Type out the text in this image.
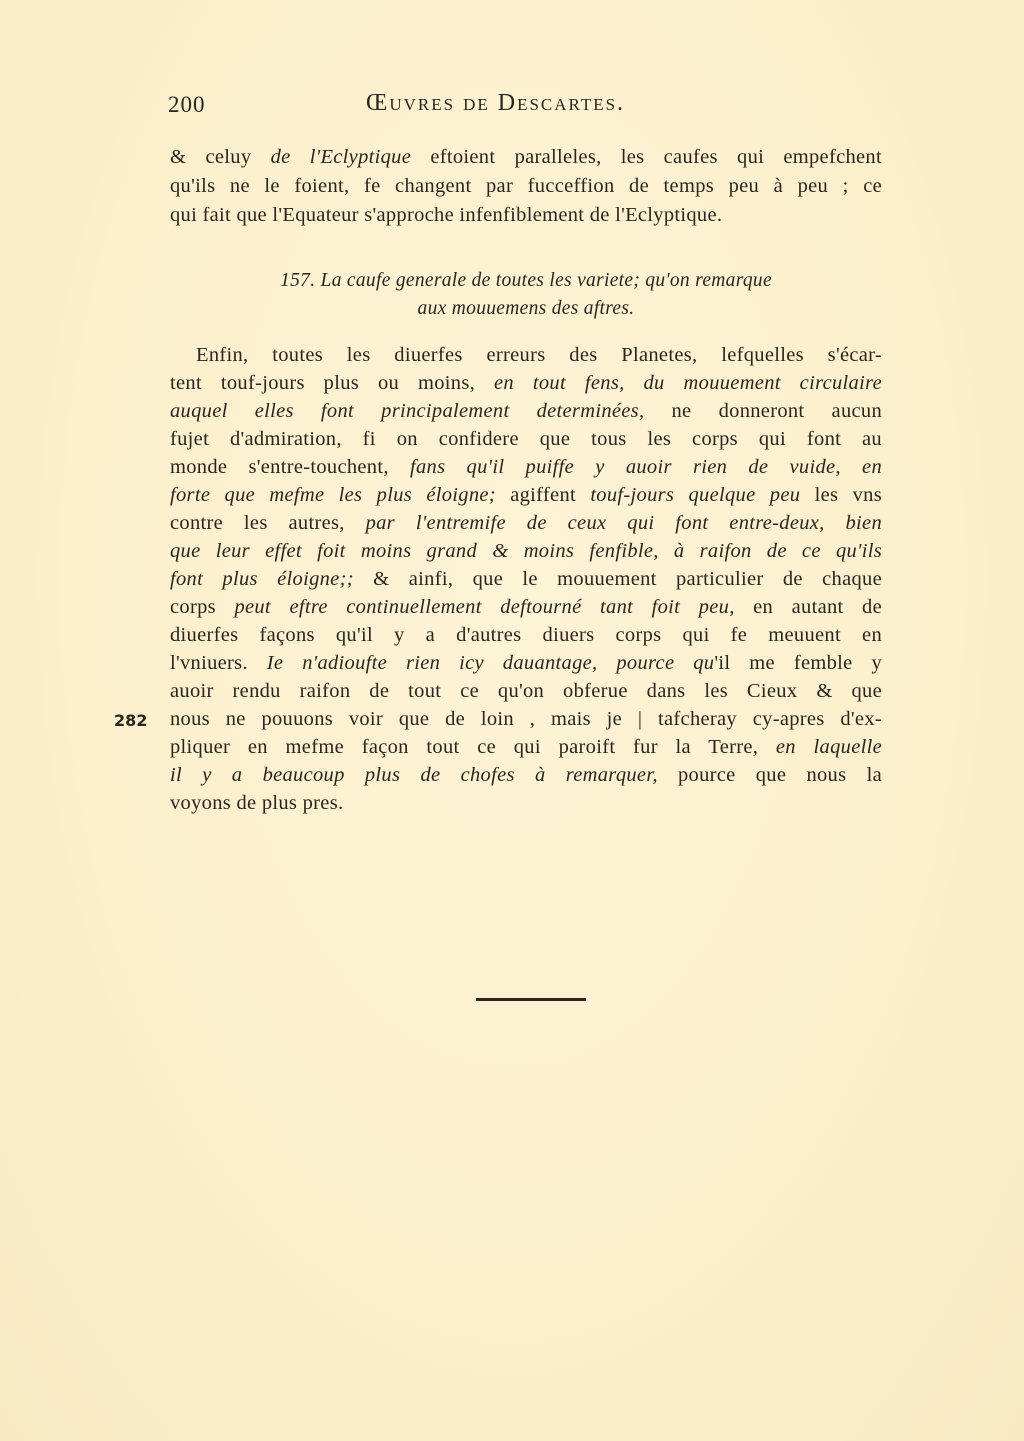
200	Œuvres de Descartes.
& celuy de l'Eclyptique eftoient paralleles, les caufes qui empefchent
qu'ils ne le foient, fe changent par fucceffion de temps peu à peu ; ce
qui fait que l'Equateur s'approche infenfiblement de l'Eclyptique.
157. La caufe generale de toutes les variete; qu'on remarque
aux mouuemens des aftres.
Enfin, toutes les diuerfes erreurs des Planetes, lefquelles s'écar-
tent touf-jours plus ou moins, en tout fens, du mouuement circulaire
auquel elles font principalement determinées, ne donneront aucun
fujet d'admiration, fi on confidere que tous les corps qui font au
monde s'entre-touchent, fans qu'il puiffe y auoir rien de vuide, en
forte que mefme les plus éloigne; agiffent touf-jours quelque peu les vns
contre les autres, par l'entremife de ceux qui font entre-deux, bien
que leur effet foit moins grand & moins fenfible, à raifon de ce qu'ils
font plus éloigne;; & ainfi, que le mouuement particulier de chaque
corps peut eftre continuellement deftourné tant foit peu, en autant de
diuerfes façons qu'il y a d'autres diuers corps qui fe meuuent en
l'vniuers. Ie n'adioufte rien icy dauantage, pource qu'il me femble y
auoir rendu raifon de tout ce qu'on obferue dans les Cieux & que
nous ne pouuons voir que de loin , mais je | tafcheray cy-apres d'ex-
pliquer en mefme façon tout ce qui paroift fur la Terre, en laquelle
il y a beaucoup plus de chofes à remarquer, pource que nous la
voyons de plus pres.
282
